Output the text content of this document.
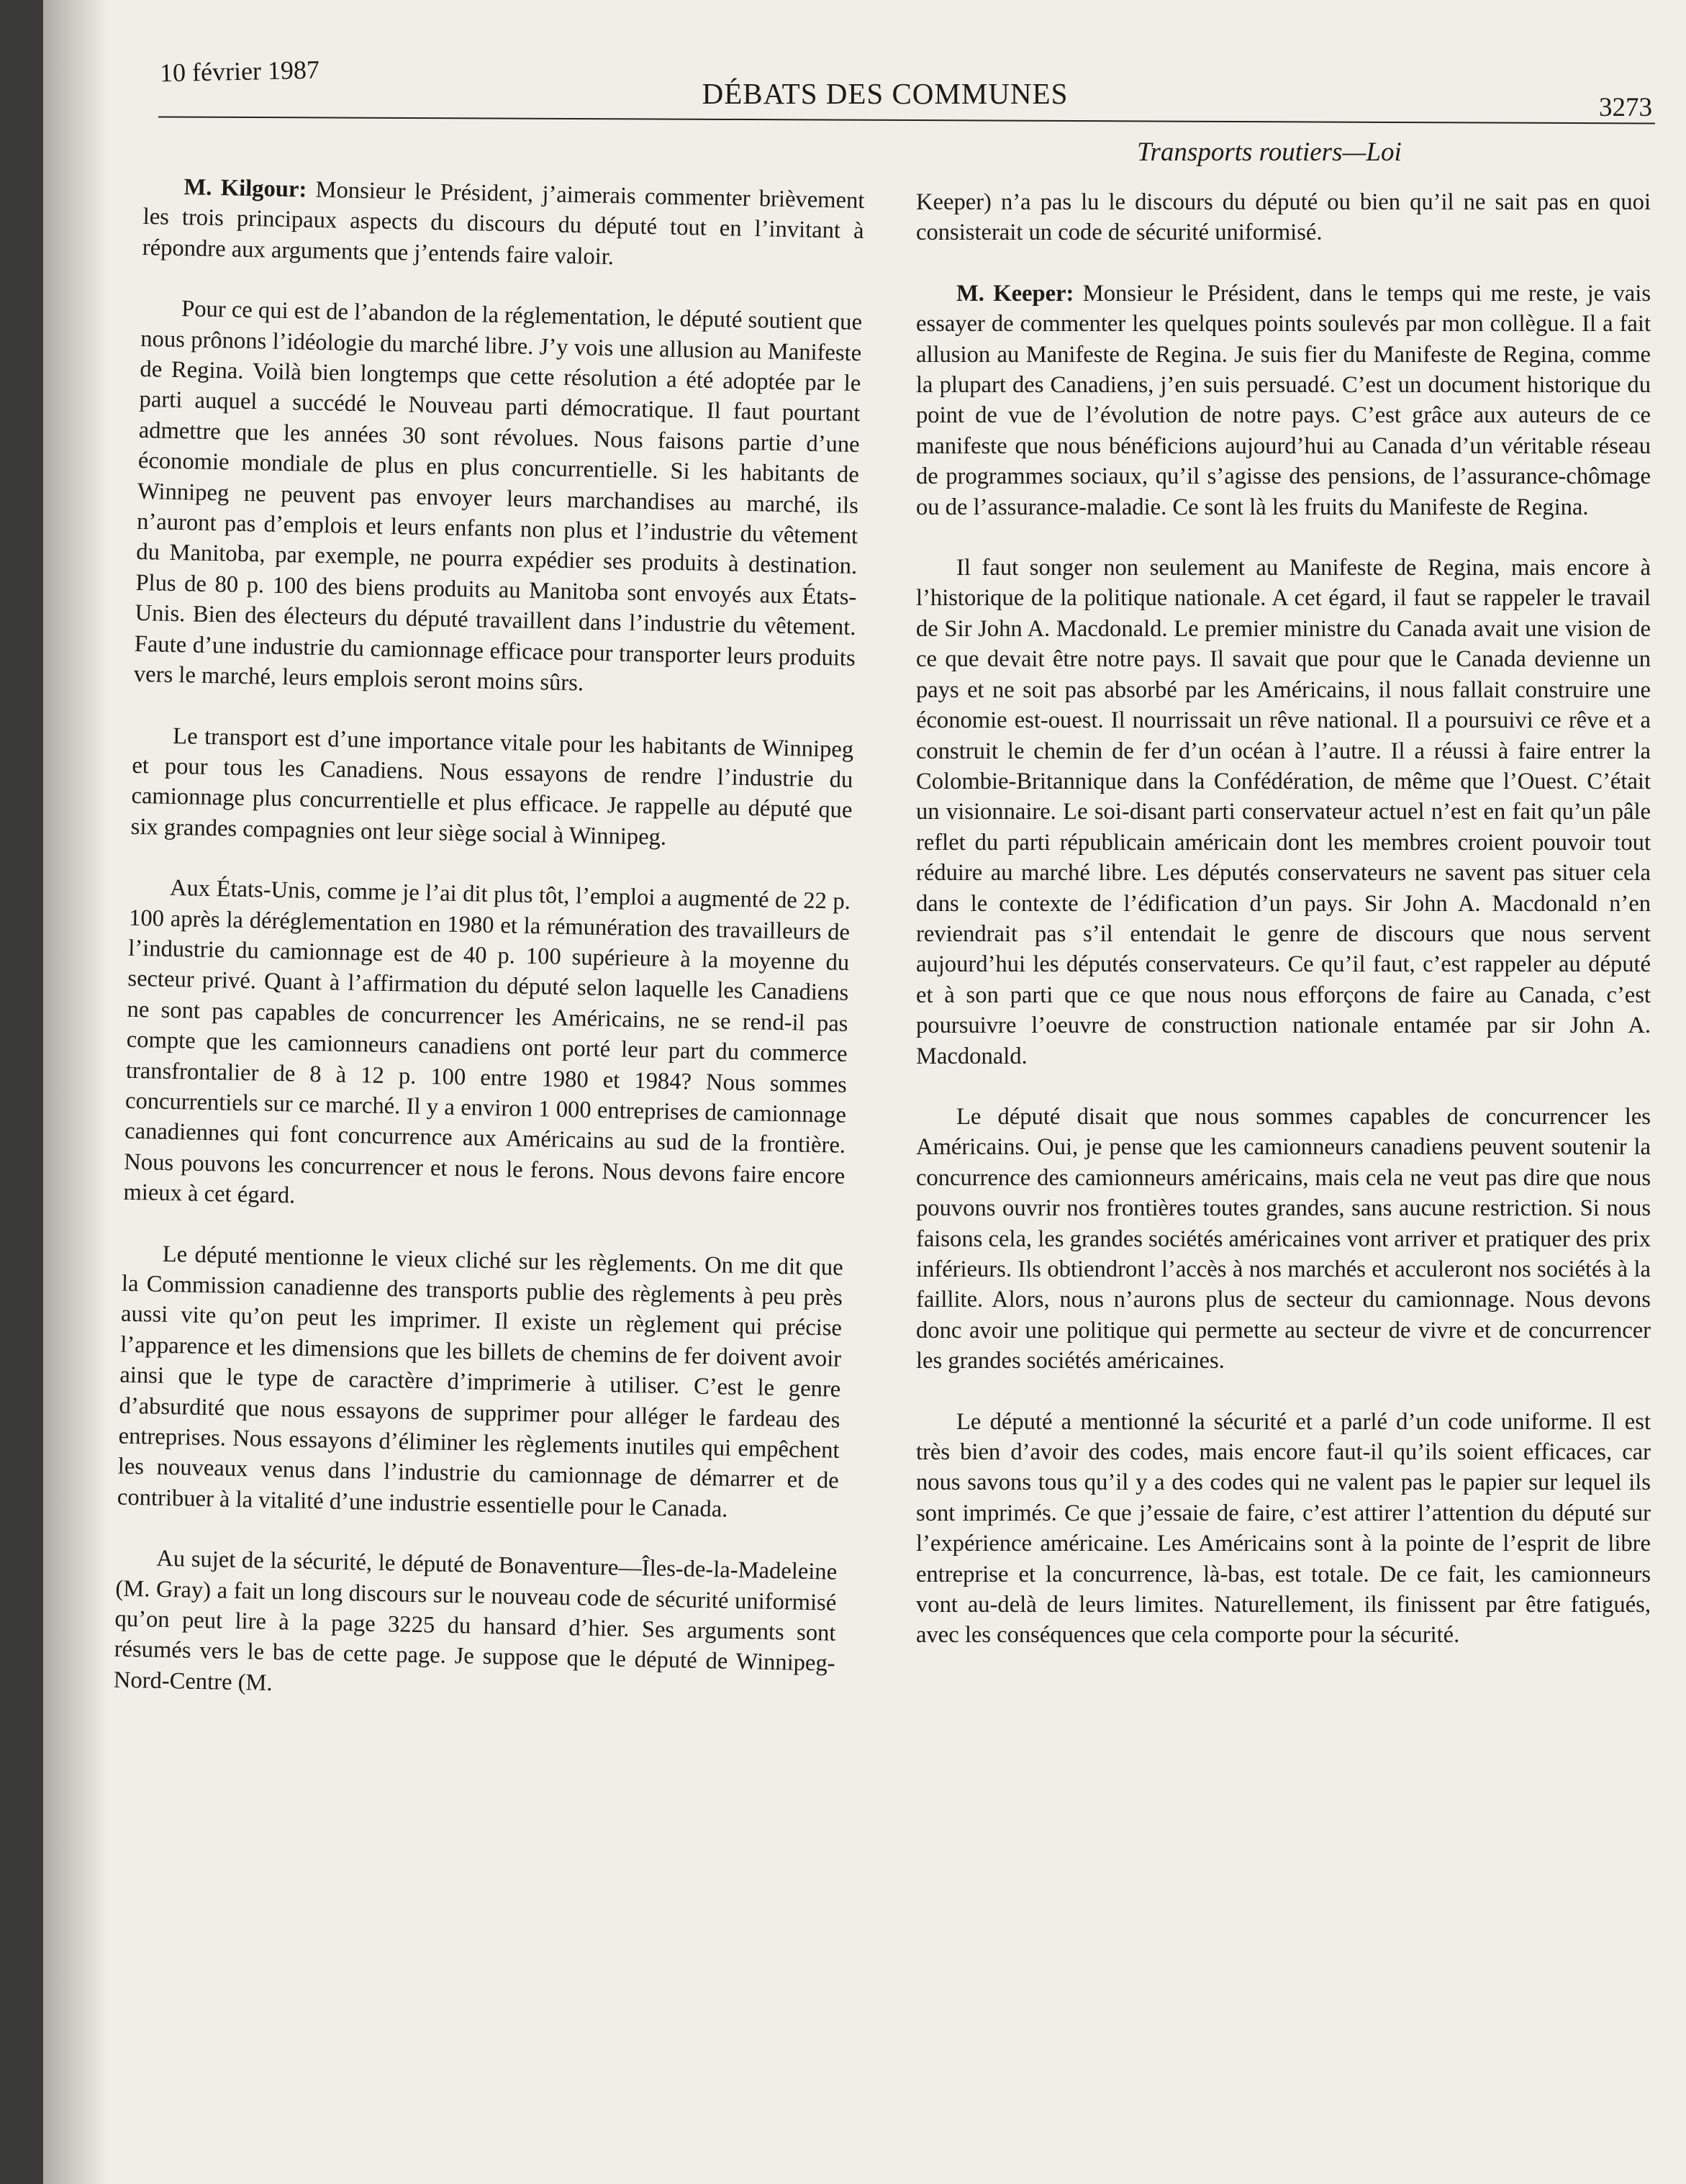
10 février 1987
DÉBATS DES COMMUNES	3273
Transports routiers—Loi

M. Kilgour: Monsieur le Président, j’aimerais commenter brièvement les trois principaux aspects du discours du député tout en l’invitant à répondre aux arguments que j’entends faire valoir.

Pour ce qui est de l’abandon de la réglementation, le député soutient que nous prônons l’idéologie du marché libre. J’y vois une allusion au Manifeste de Regina. Voilà bien longtemps que cette résolution a été adoptée par le parti auquel a succédé le Nouveau parti démocratique. Il faut pourtant admettre que les années 30 sont révolues. Nous faisons partie d’une économie mondiale de plus en plus concurrentielle. Si les habitants de Winnipeg ne peuvent pas envoyer leurs marchandises au marché, ils n’auront pas d’emplois et leurs enfants non plus et l’industrie du vêtement du Manitoba, par exemple, ne pourra expédier ses produits à destination. Plus de 80 p. 100 des biens produits au Manitoba sont envoyés aux États-Unis. Bien des électeurs du député travaillent dans l’industrie du vêtement. Faute d’une industrie du camionnage efficace pour transporter leurs produits vers le marché, leurs emplois seront moins sûrs.

Le transport est d’une importance vitale pour les habitants de Winnipeg et pour tous les Canadiens. Nous essayons de rendre l’industrie du camionnage plus concurrentielle et plus efficace. Je rappelle au député que six grandes compagnies ont leur siège social à Winnipeg.

Aux États-Unis, comme je l’ai dit plus tôt, l’emploi a augmenté de 22 p. 100 après la déréglementation en 1980 et la rémunération des travailleurs de l’industrie du camionnage est de 40 p. 100 supérieure à la moyenne du secteur privé. Quant à l’affirmation du député selon laquelle les Canadiens ne sont pas capables de concurrencer les Américains, ne se rend-il pas compte que les camionneurs canadiens ont porté leur part du commerce transfrontalier de 8 à 12 p. 100 entre 1980 et 1984? Nous sommes concurrentiels sur ce marché. Il y a environ 1 000 entreprises de camionnage canadiennes qui font concurrence aux Américains au sud de la frontière. Nous pouvons les concurrencer et nous le ferons. Nous devons faire encore mieux à cet égard.

Le député mentionne le vieux cliché sur les règlements. On me dit que la Commission canadienne des transports publie des règlements à peu près aussi vite qu’on peut les imprimer. Il existe un règlement qui précise l’apparence et les dimensions que les billets de chemins de fer doivent avoir ainsi que le type de caractère d’imprimerie à utiliser. C’est le genre d’absurdité que nous essayons de supprimer pour alléger le fardeau des entreprises. Nous essayons d’éliminer les règlements inutiles qui empêchent les nouveaux venus dans l’industrie du camionnage de démarrer et de contribuer à la vitalité d’une industrie essentielle pour le Canada.

Au sujet de la sécurité, le député de Bonaventure—Îles-de-la-Madeleine (M. Gray) a fait un long discours sur le nouveau code de sécurité uniformisé qu’on peut lire à la page 3225 du hansard d’hier. Ses arguments sont résumés vers le bas de cette page. Je suppose que le député de Winnipeg-Nord-Centre (M.

Keeper) n’a pas lu le discours du député ou bien qu’il ne sait pas en quoi consisterait un code de sécurité uniformisé.

M. Keeper: Monsieur le Président, dans le temps qui me reste, je vais essayer de commenter les quelques points soulevés par mon collègue. Il a fait allusion au Manifeste de Regina. Je suis fier du Manifeste de Regina, comme la plupart des Canadiens, j’en suis persuadé. C’est un document historique du point de vue de l’évolution de notre pays. C’est grâce aux auteurs de ce manifeste que nous bénéficions aujourd’hui au Canada d’un véritable réseau de programmes sociaux, qu’il s’agisse des pensions, de l’assurance-chômage ou de l’assurance-maladie. Ce sont là les fruits du Manifeste de Regina.

Il faut songer non seulement au Manifeste de Regina, mais encore à l’historique de la politique nationale. A cet égard, il faut se rappeler le travail de Sir John A. Macdonald. Le premier ministre du Canada avait une vision de ce que devait être notre pays. Il savait que pour que le Canada devienne un pays et ne soit pas absorbé par les Américains, il nous fallait construire une économie est-ouest. Il nourrissait un rêve national. Il a poursuivi ce rêve et a construit le chemin de fer d’un océan à l’autre. Il a réussi à faire entrer la Colombie-Britannique dans la Confédération, de même que l’Ouest. C’était un visionnaire. Le soi-disant parti conservateur actuel n’est en fait qu’un pâle reflet du parti républicain américain dont les membres croient pouvoir tout réduire au marché libre. Les députés conservateurs ne savent pas situer cela dans le contexte de l’édification d’un pays. Sir John A. Macdonald n’en reviendrait pas s’il entendait le genre de discours que nous servent aujourd’hui les députés conservateurs. Ce qu’il faut, c’est rappeler au député et à son parti que ce que nous nous efforçons de faire au Canada, c’est poursuivre l’oeuvre de construction nationale entamée par sir John A. Macdonald.

Le député disait que nous sommes capables de concurrencer les Américains. Oui, je pense que les camionneurs canadiens peuvent soutenir la concurrence des camionneurs américains, mais cela ne veut pas dire que nous pouvons ouvrir nos frontières toutes grandes, sans aucune restriction. Si nous faisons cela, les grandes sociétés américaines vont arriver et pratiquer des prix inférieurs. Ils obtiendront l’accès à nos marchés et acculeront nos sociétés à la faillite. Alors, nous n’aurons plus de secteur du camionnage. Nous devons donc avoir une politique qui permette au secteur de vivre et de concurrencer les grandes sociétés américaines.

Le député a mentionné la sécurité et a parlé d’un code uniforme. Il est très bien d’avoir des codes, mais encore faut-il qu’ils soient efficaces, car nous savons tous qu’il y a des codes qui ne valent pas le papier sur lequel ils sont imprimés. Ce que j’essaie de faire, c’est attirer l’attention du député sur l’expérience américaine. Les Américains sont à la pointe de l’esprit de libre entreprise et la concurrence, là-bas, est totale. De ce fait, les camionneurs vont au-delà de leurs limites. Naturellement, ils finissent par être fatigués, avec les conséquences que cela comporte pour la sécurité.
